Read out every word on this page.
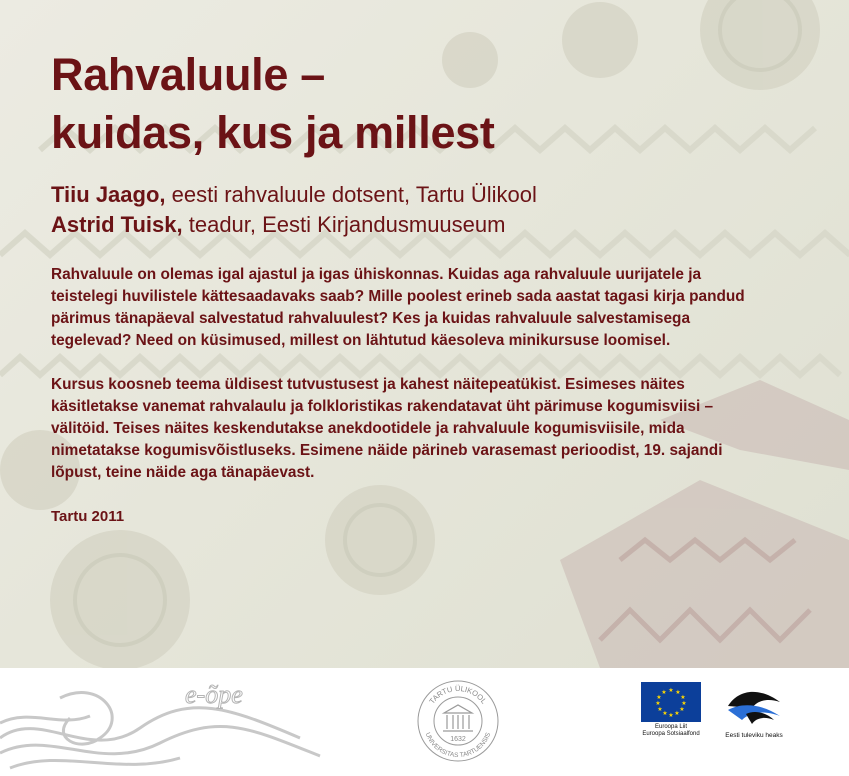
Rahvaluule –
kuidas, kus ja millest
Tiiu Jaago, eesti rahvaluule dotsent, Tartu Ülikool
Astrid Tuisk, teadur, Eesti Kirjandusmuuseum

Rahvaluule on olemas igal ajastul ja igas ühiskonnas. Kuidas aga rahvaluule uurijatele ja teistelegi huvilistele kättesaadavaks saab? Mille poolest erineb sada aastat tagasi kirja pandud pärimus tänapäeval salvestatud rahvaluulest? Kes ja kuidas rahvaluule salvestamisega tegelevad? Need on küsimused, millest on lähtutud käesoleva minikursuse loomisel.

Kursus koosneb teema üldisest tutvustusest ja kahest näitepeatükist. Esimeses näites käsitletakse vanemat rahvalaulu ja folkloristikas rakendatavat üht pärimuse kogumisviisi – välitöid. Teises näites keskendutakse anekdootidele ja rahvaluule kogumisviisile, mida nimetatakse kogumisvõistluseks. Esimene näide pärineb varasemast perioodist, 19. sajandi lõpust, teine näide aga tänapäevast.

Tartu 2011
e-õpe	TARTU ÜLIKOOL
UNIVERSITAS TARTUENSIS
1632
★ ★
★
★
★
★
★
★
★
★
★
★
Euroopa Liit
Euroopa Sotsiaalfond	Eesti tuleviku heaks
